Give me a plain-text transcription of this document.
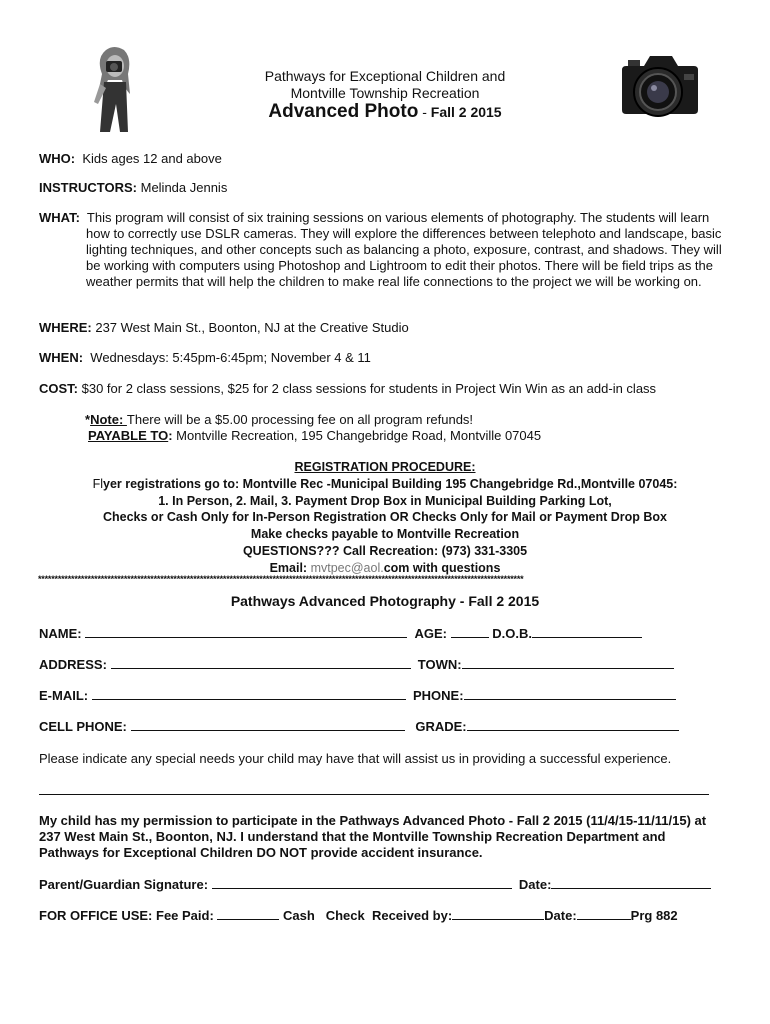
Pathways for Exceptional Children and
Montville Township Recreation
Advanced Photo - Fall 2 2015
WHO: Kids ages 12 and above
INSTRUCTORS: Melinda Jennis
WHAT: This program will consist of six training sessions on various elements of photography. The students will learn how to correctly use DSLR cameras. They will explore the differences between telephoto and landscape, basic lighting techniques, and other concepts such as balancing a photo, exposure, contrast, and shadows. They will be working with computers using Photoshop and Lightroom to edit their photos. There will be field trips as the weather permits that will help the children to make real life connections to the project we will be working on.
WHERE: 237 West Main St., Boonton, NJ at the Creative Studio
WHEN: Wednesdays: 5:45pm-6:45pm; November 4 & 11
COST: $30 for 2 class sessions, $25 for 2 class sessions for students in Project Win Win as an add-in class
*Note: There will be a $5.00 processing fee on all program refunds!
PAYABLE TO: Montville Recreation, 195 Changebridge Road, Montville 07045
REGISTRATION PROCEDURE:
Flyer registrations go to: Montville Rec -Municipal Building 195 Changebridge Rd.,Montville 07045:
1. In Person, 2. Mail, 3. Payment Drop Box in Municipal Building Parking Lot,
Checks or Cash Only for In-Person Registration OR Checks Only for Mail or Payment Drop Box
Make checks payable to Montville Recreation
QUESTIONS??? Call Recreation: (973) 331-3305
Email: mvtpec@aol.com with questions
***************************************************************************************************************************************************
Pathways Advanced Photography - Fall 2 2015
NAME:	AGE:	D.O.B.
ADDRESS:	TOWN:
E-MAIL:	PHONE:
CELL PHONE:	GRADE:
Please indicate any special needs your child may have that will assist us in providing a successful experience.
My child has my permission to participate in the Pathways Advanced Photo - Fall 2 2015 (11/4/15-11/11/15) at 237 West Main St., Boonton, NJ. I understand that the Montville Township Recreation Department and Pathways for Exceptional Children DO NOT provide accident insurance.
Parent/Guardian Signature:	Date:
FOR OFFICE USE: Fee Paid:	Cash Check Received by:	Date:	Prg 882
